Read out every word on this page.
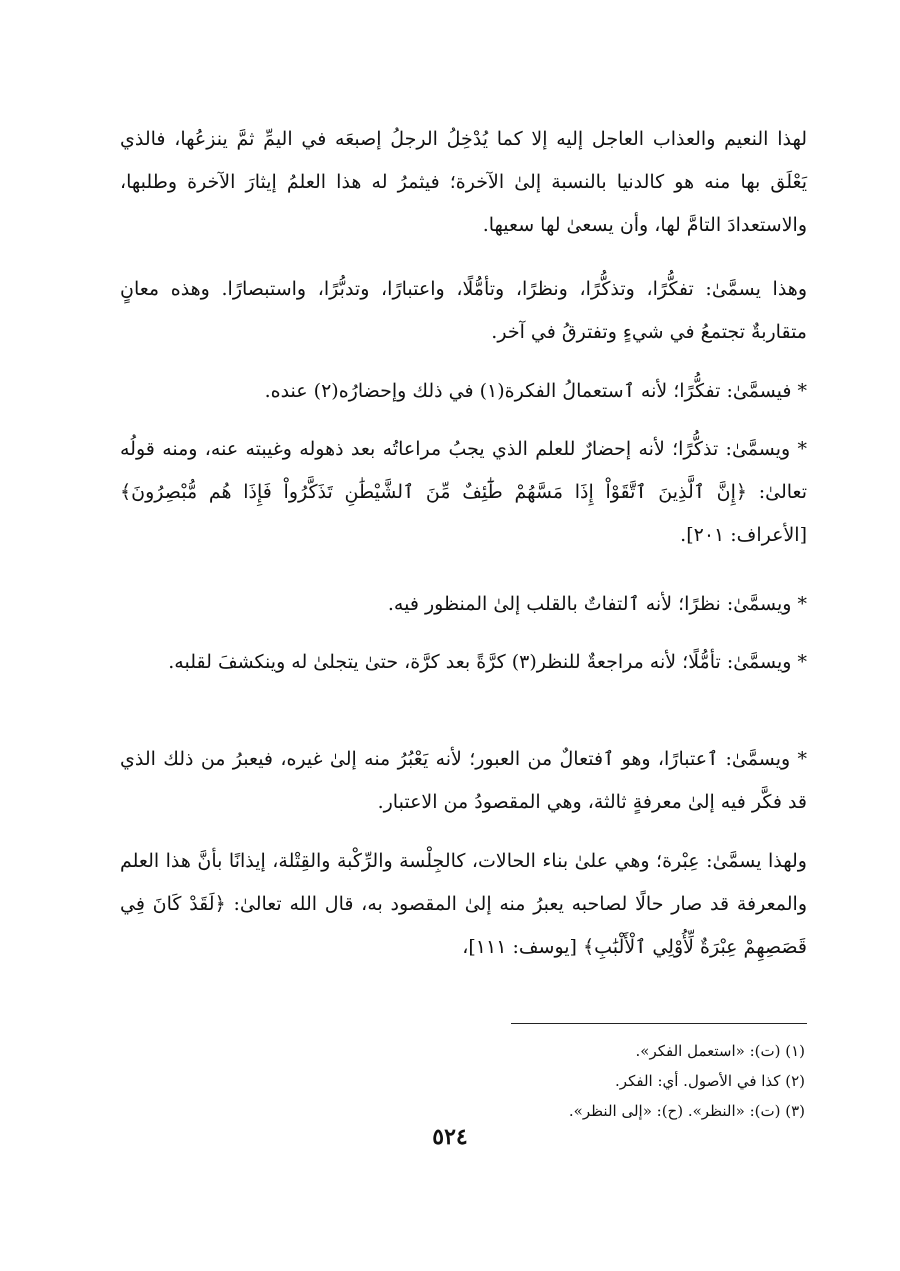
لهذا النعيم والعذاب العاجل إليه إلا كما يُدْخِلُ الرجلُ إصبعَه في اليمِّ ثمَّ ينزعُها، فالذي يَعْلَق بها منه هو كالدنيا بالنسبة إلىٰ الآخرة؛ فيثمرُ له هذا العلمُ إيثارَ الآخرة وطلبها، والاستعدادَ التامَّ لها، وأن يسعىٰ لها سعيها.

وهذا يسمَّىٰ: تفكُّرًا، وتذكُّرًا، ونظرًا، وتأمُّلًا، واعتبارًا، وتدبُّرًا، واستبصارًا. وهذه معانٍ متقاربةٌ تجتمعُ في شيءٍ وتفترقُ في آخر.

* فيسمَّىٰ: تفكُّرًا؛ لأنه ٱستعمالُ الفكرة(١) في ذلك وإحضارُه(٢) عنده.

* ويسمَّىٰ: تذكُّرًا؛ لأنه إحضارٌ للعلم الذي يجبُ مراعاتُه بعد ذهوله وغيبته عنه، ومنه قولُه تعالىٰ: ﴿إِنَّ ٱلَّذِينَ ٱتَّقَوْاْ إِذَا مَسَّهُمْ طَٰٓئِفٌ مِّنَ ٱلشَّيْطَٰنِ تَذَكَّرُواْ فَإِذَا هُم مُّبْصِرُونَ﴾ [الأعراف: ٢٠١].

* ويسمَّىٰ: نظرًا؛ لأنه ٱلتفاتٌ بالقلب إلىٰ المنظور فيه.

* ويسمَّىٰ: تأمُّلًا؛ لأنه مراجعةٌ للنظر(٣) كرَّةً بعد كرَّة، حتىٰ يتجلىٰ له وينكشفَ لقلبه.

* ويسمَّىٰ: ٱعتبارًا، وهو ٱفتعالٌ من العبور؛ لأنه يَعْبُرُ منه إلىٰ غيره، فيعبرُ من ذلك الذي قد فكَّر فيه إلىٰ معرفةٍ ثالثة، وهي المقصودُ من الاعتبار.

ولهذا يسمَّىٰ: عِبْرة؛ وهي علىٰ بناء الحالات، كالجِلْسة والرِّكْبة والقِتْلة، إيذانًا بأنَّ هذا العلم والمعرفة قد صار حالًا لصاحبه يعبرُ منه إلىٰ المقصود به، قال الله تعالىٰ: ﴿لَقَدْ كَانَ فِي قَصَصِهِمْ عِبْرَةٌ لِّأُوْلِي ٱلْأَلْبَٰبِ﴾ [يوسف: ١١١]،

(١) (ت): «استعمل الفكر».

(٢) كذا في الأصول. أي: الفكر.

(٣) (ت): «النظر». (ح): «إلى النظر».

٥٢٤
